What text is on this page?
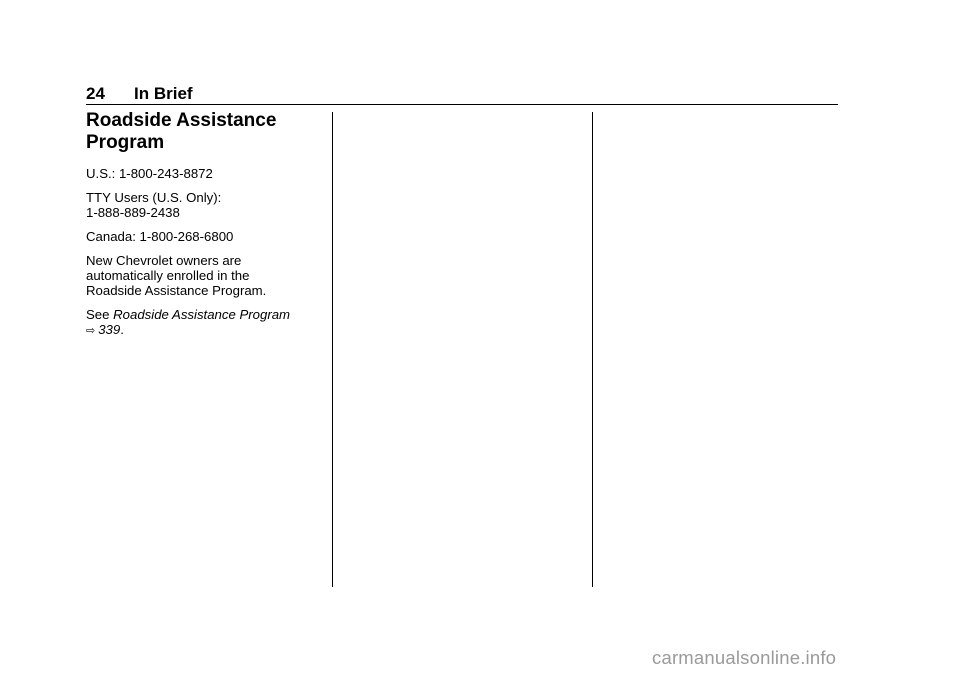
24 In Brief
Roadside Assistance
Program

U.S.: 1-800-243-8872

TTY Users (U.S. Only):
1-888-889-2438

Canada: 1-800-268-6800

New Chevrolet owners are
automatically enrolled in the
Roadside Assistance Program.

See Roadside Assistance Program
⇨ 339.

carmanualsonline.info
